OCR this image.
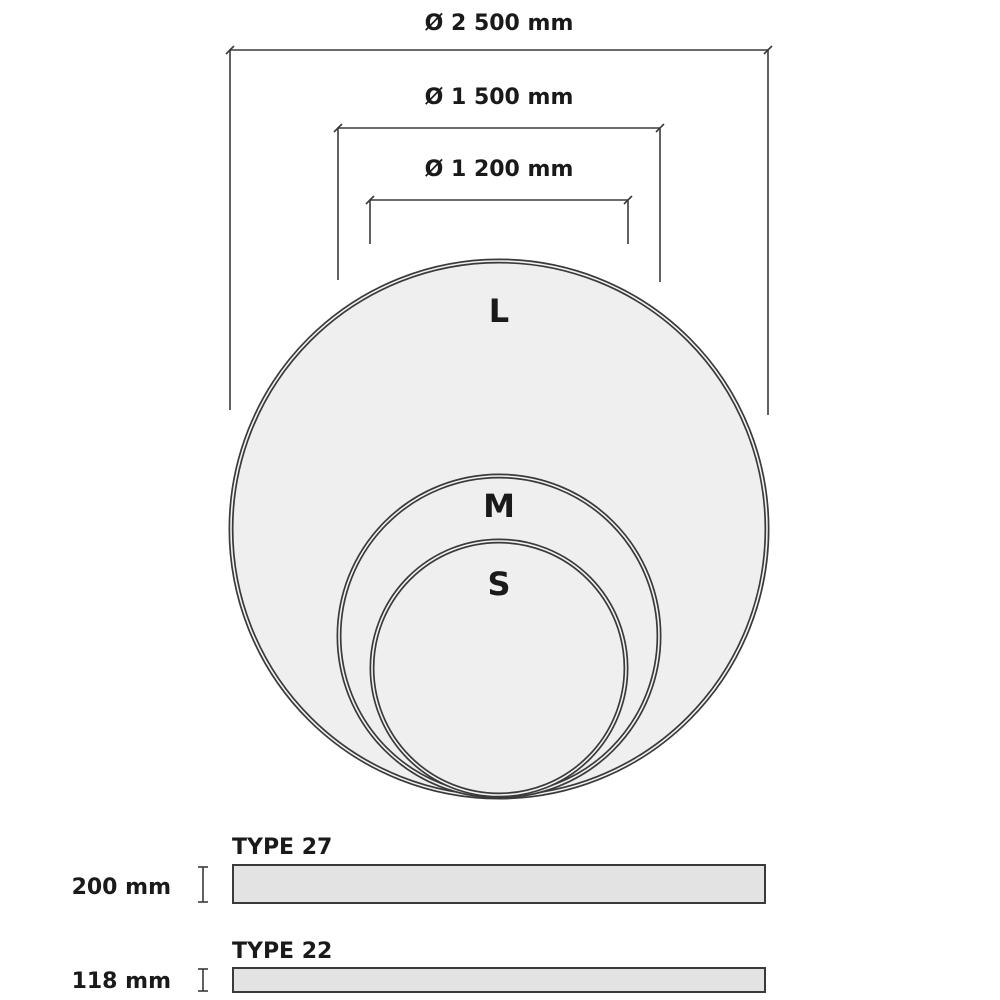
Ø 2 500 mm
Ø 1 500 mm
Ø 1 200 mm
L
M
S
TYPE 27
200 mm
TYPE 22
118 mm
